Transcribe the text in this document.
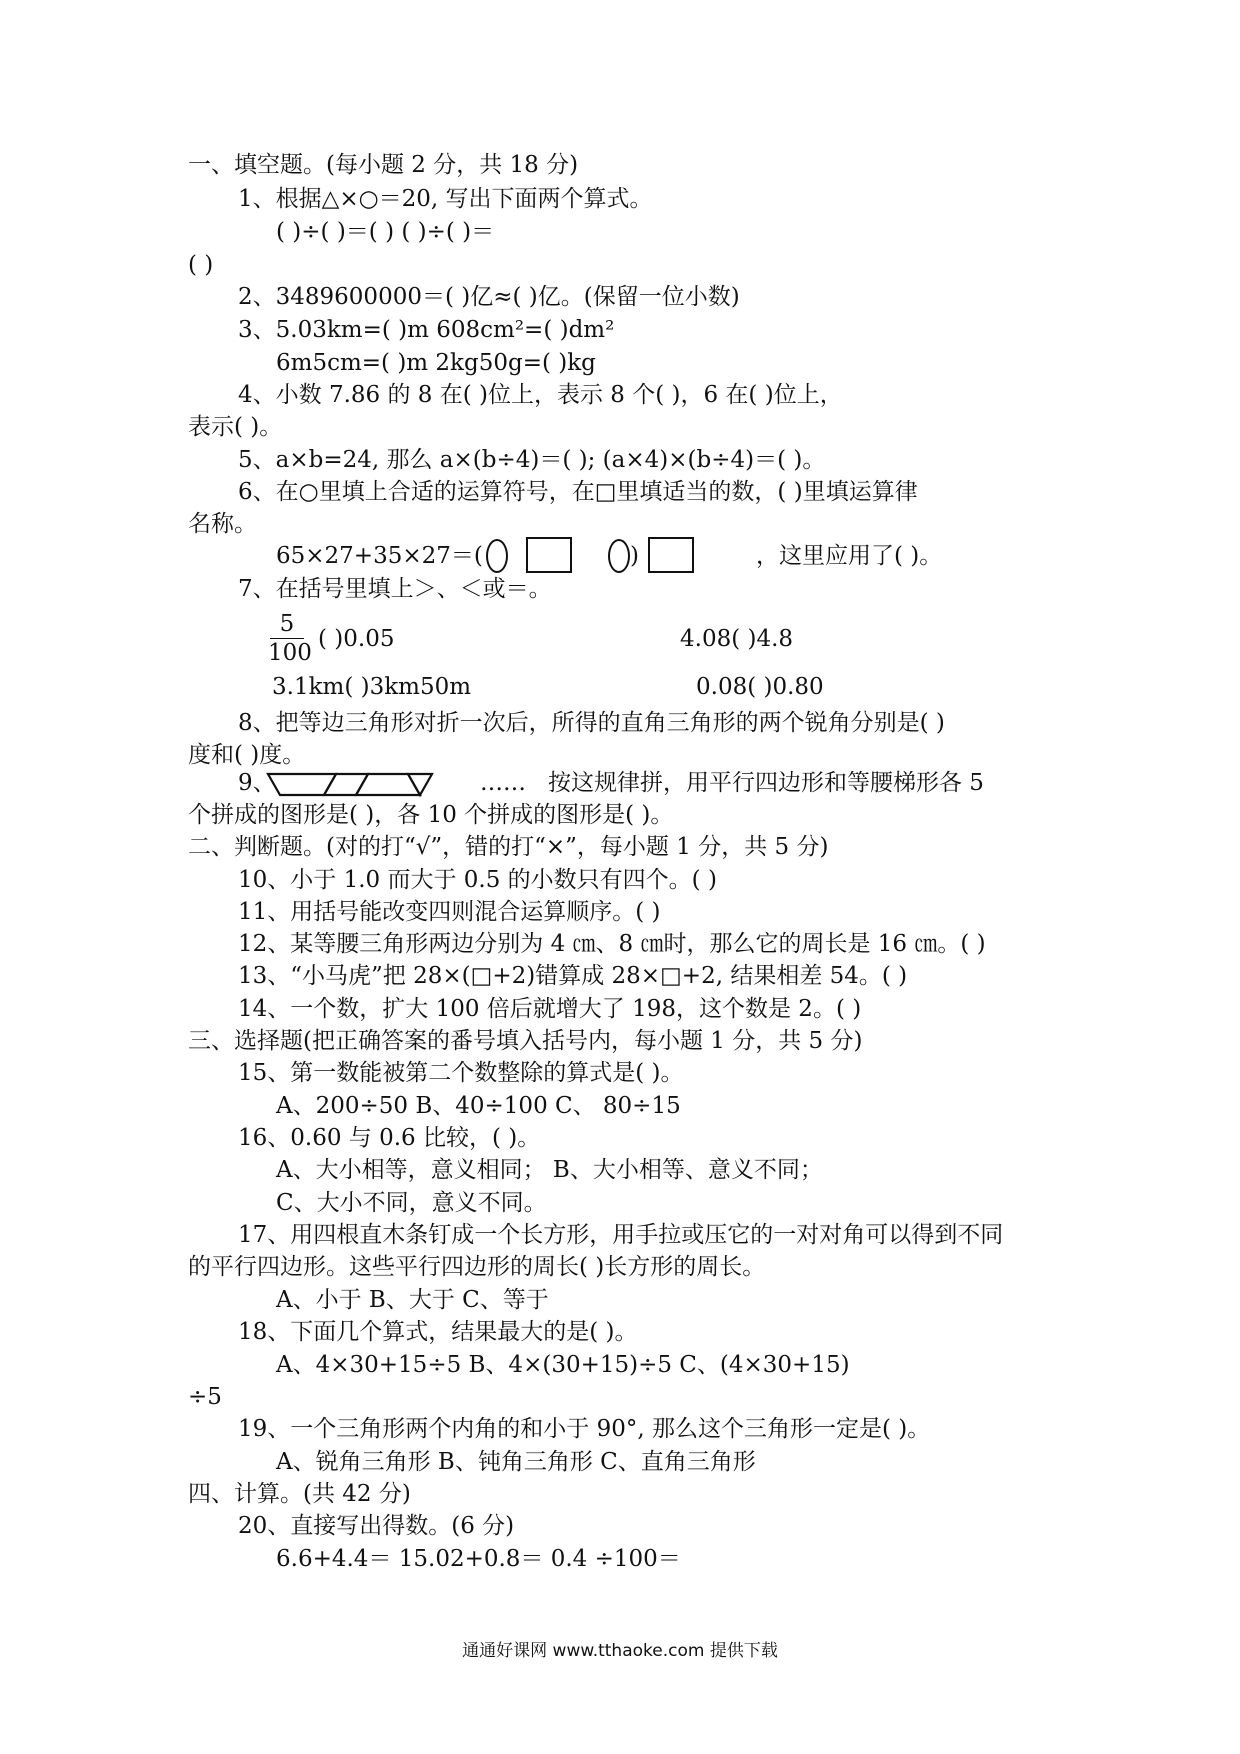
一、填空题。(每小题 2 分，共 18 分)
1、根据△×○＝20, 写出下面两个算式。
( )÷( )＝( ) ( )÷( )＝
( )
2、3489600000＝( )亿≈( )亿。(保留一位小数)
3、5.03km=( )m 608cm²=( )dm²
6m5cm=( )m 2kg50g=( )kg
4、小数 7.86 的 8 在( )位上，表示 8 个( )，6 在( )位上，
表示( )。
5、a×b=24, 那么 a×(b÷4)＝( ); (a×4)×(b÷4)＝( )。
6、在○里填上合适的运算符号，在□里填适当的数，( )里填运算律
名称。
65×27+35×27＝(
7、在括号里填上＞、＜或＝。
8、把等边三角形对折一次后，所得的直角三角形的两个锐角分别是( )
度和( )度。
个拼成的图形是( )，各 10 个拼成的图形是( )。
二、判断题。(对的打“√”，错的打“×”，每小题 1 分，共 5 分)
10、小于 1.0 而大于 0.5 的小数只有四个。( )
11、用括号能改变四则混合运算顺序。( )
12、某等腰三角形两边分别为 4 ㎝、8 ㎝时，那么它的周长是 16 ㎝。( )
13、“小马虎”把 28×(□+2)错算成 28×□+2, 结果相差 54。( )
14、一个数，扩大 100 倍后就增大了 198，这个数是 2。( )
三、选择题(把正确答案的番号填入括号内，每小题 1 分，共 5 分)
15、第一数能被第二个数整除的算式是( )。
A、200÷50 B、40÷100 C、 80÷15
16、0.60 与 0.6 比较，( )。
A、大小相等，意义相同； B、大小相等、意义不同；
C、大小不同，意义不同。
17、用四根直木条钉成一个长方形，用手拉或压它的一对对角可以得到不同
的平行四边形。这些平行四边形的周长( )长方形的周长。
A、小于 B、大于 C、等于
18、下面几个算式，结果最大的是( )。
A、4×30+15÷5 B、4×(30+15)÷5 C、(4×30+15)
÷5
19、一个三角形两个内角的和小于 90°, 那么这个三角形一定是( )。
A、锐角三角形 B、钝角三角形 C、直角三角形
四、计算。(共 42 分)
20、直接写出得数。(6 分)
6.6+4.4＝ 15.02+0.8＝ 0.4 ÷100＝
)	，这里应用了( )。
5
100
( )0.05	4.08( )4.8
3.1km( )3km50m	0.08( )0.80
9、	…… 按这规律拼，用平行四边形和等腰梯形各 5
通通好课网 www.tthaoke.com 提供下载
